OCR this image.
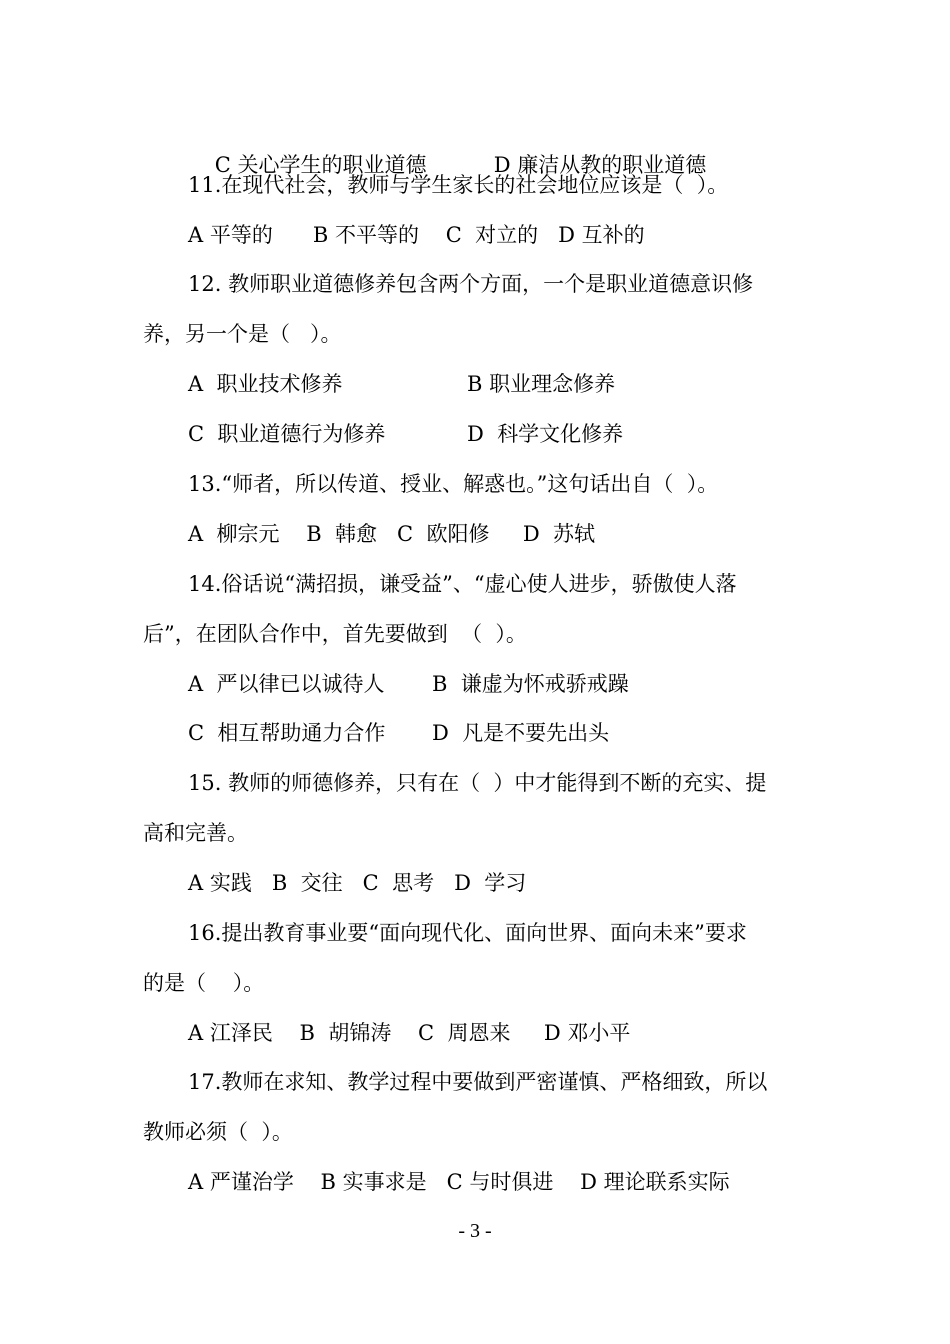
C 关心学生的职业道德
	D 廉洁从教的职业道德

11.在现代社会，教师与学生家长的社会地位应该是（  ）。
A 平等的      B 不平等的    C  对立的   D 互补的
12. 教师职业道德修养包含两个方面，一个是职业道德意识修
养，另一个是（   ）。
A  职业技术修养	B 职业理念修养
C  职业道德行为修养	D  科学文化修养
13.“师者，所以传道、授业、解惑也。”这句话出自（  ）。
A  柳宗元    B  韩愈   C  欧阳修     D  苏轼
14.俗话说“满招损，谦受益”、“虚心使人进步，骄傲使人落
后”，在团队合作中，首先要做到  （  ）。
A  严以律已以诚待人 B  谦虚为怀戒骄戒躁
C  相互帮助通力合作 D  凡是不要先出头
15. 教师的师德修养，只有在（  ）中才能得到不断的充实、提
高和完善。
A 实践   B  交往   C  思考   D  学习
16.提出教育事业要“面向现代化、面向世界、面向未来”要求
的是（    ）。
A 江泽民    B  胡锦涛    C  周恩来     D 邓小平
17.教师在求知、教学过程中要做到严密谨慎、严格细致，所以
教师必须（  ）。
A 严谨治学    B 实事求是   C 与时俱进    D 理论联系实际
- 3 -
